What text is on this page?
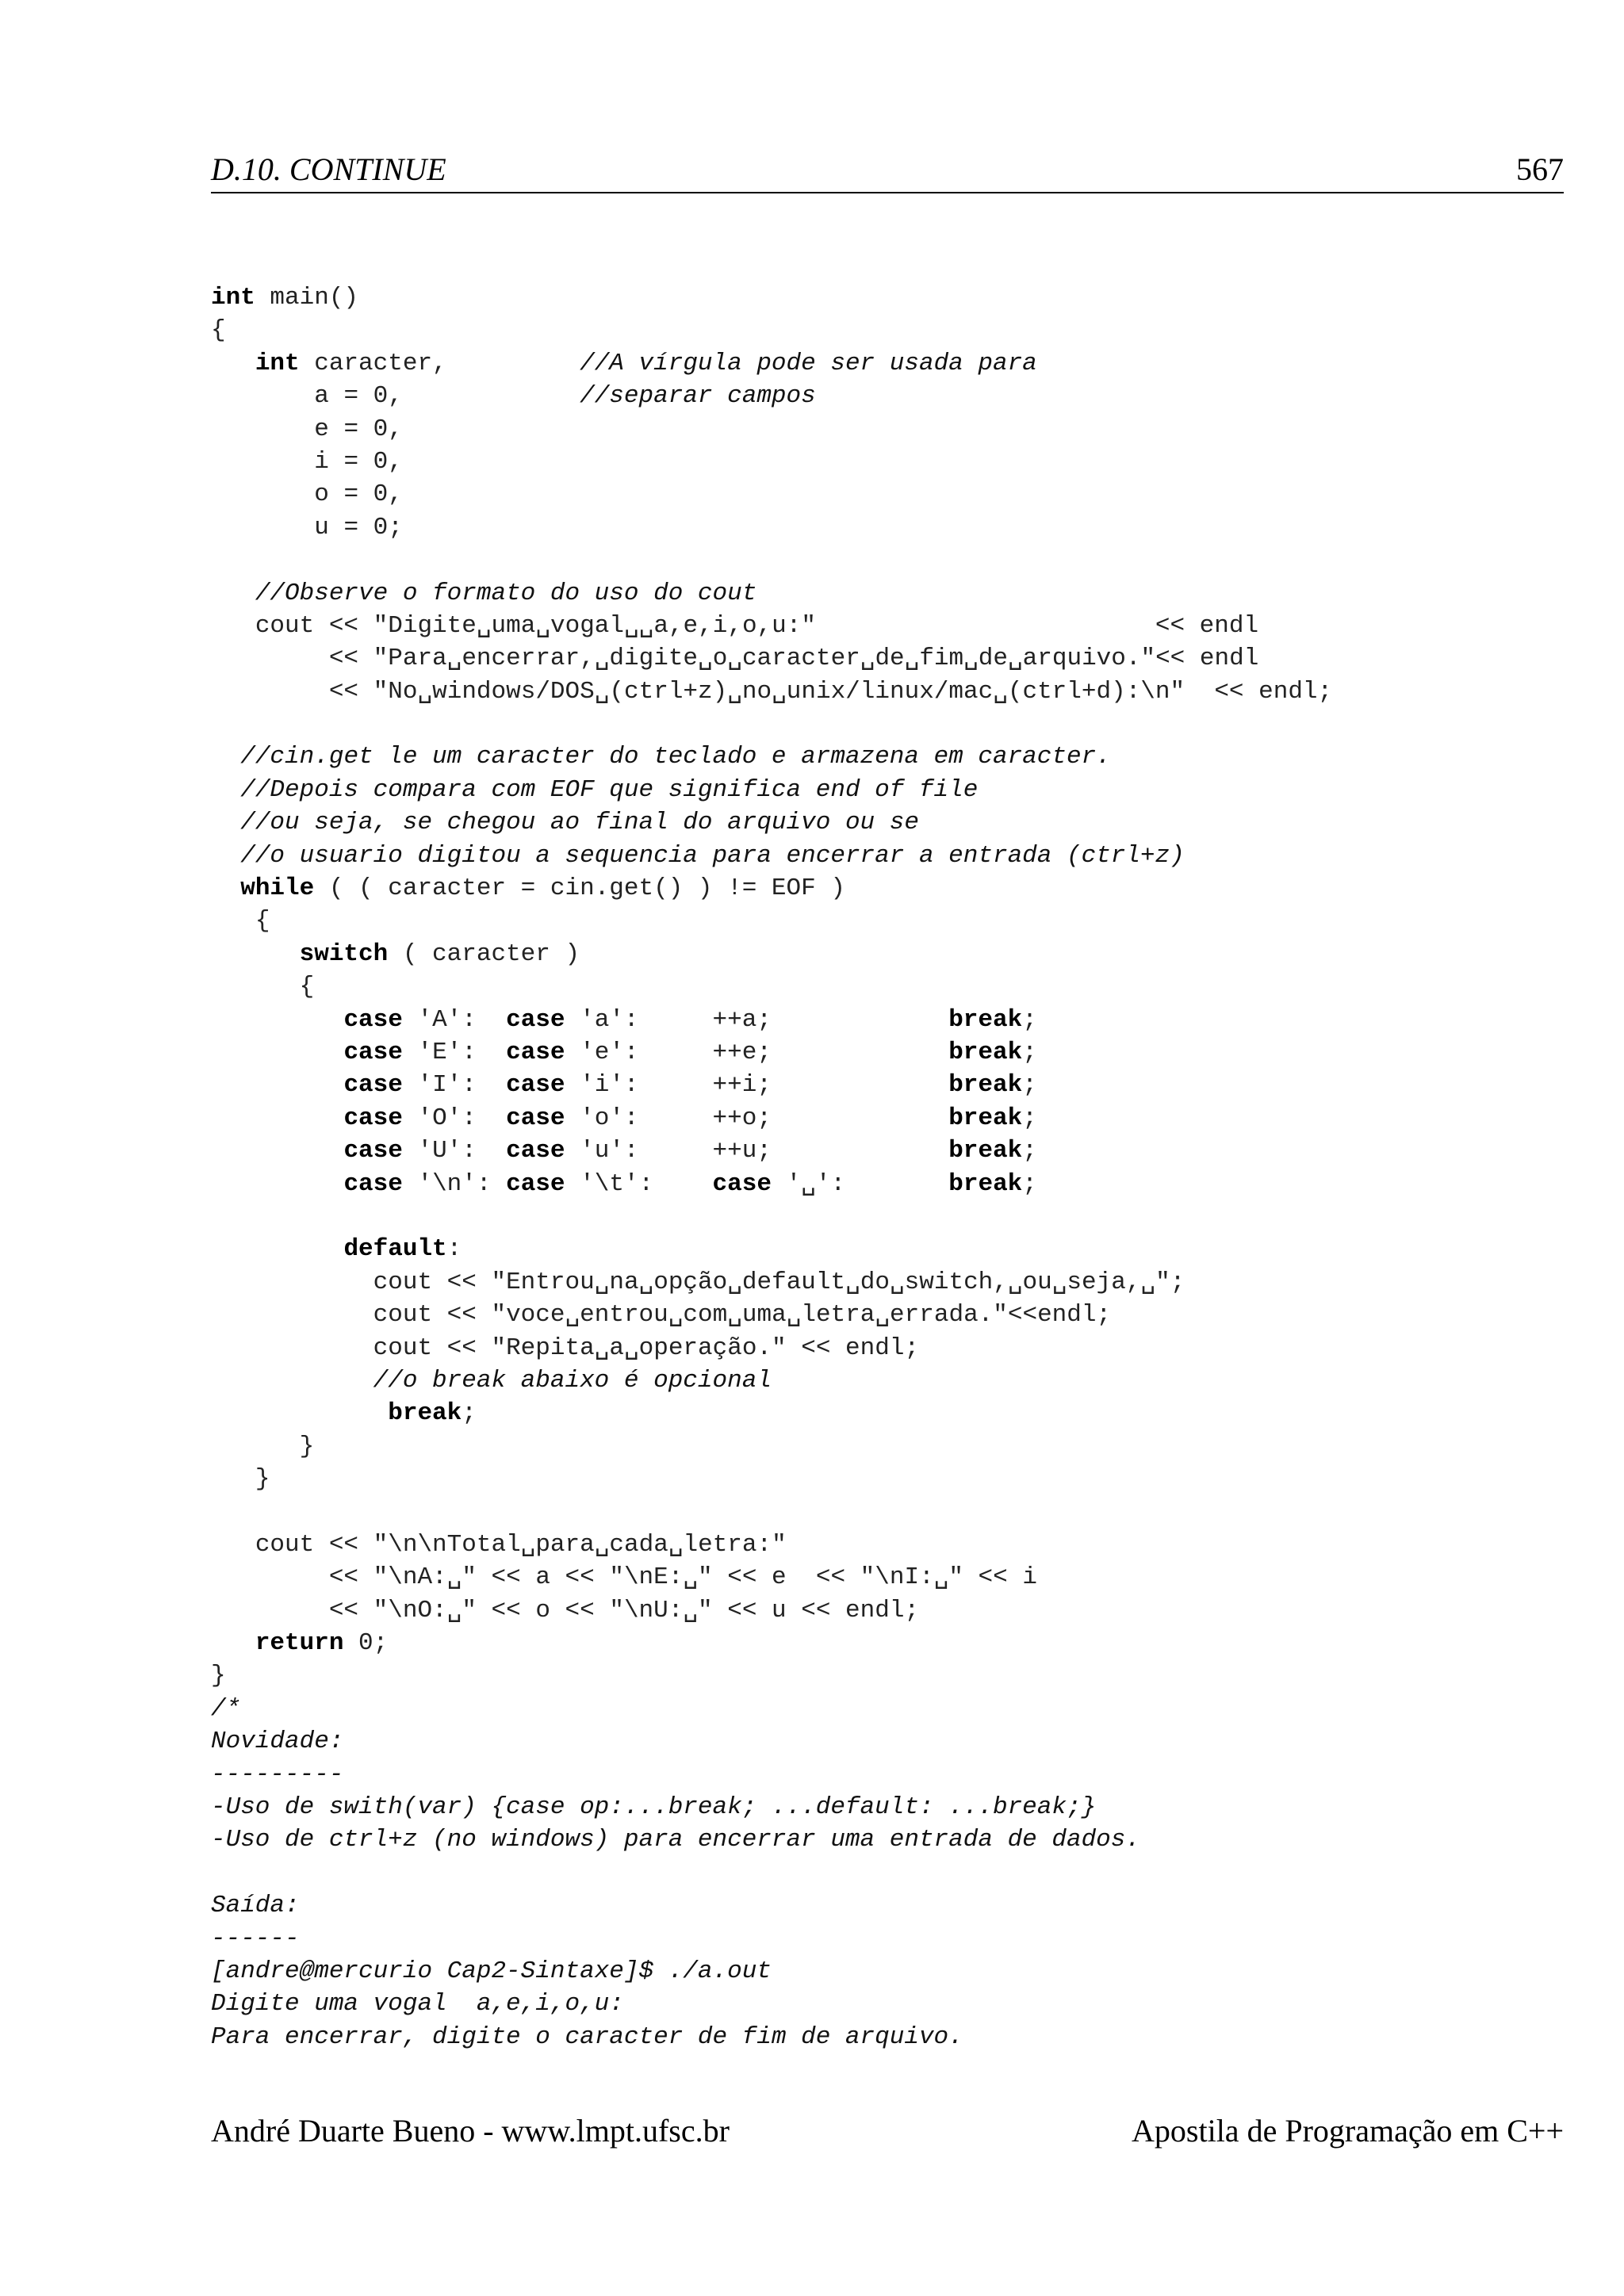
D.10. CONTINUE	567
int main()
{
int caracter,         //A vírgula pode ser usada para
a = 0,            //separar campos
e = 0,
i = 0,
o = 0,
u = 0;
//Observe o formato do uso do cout
cout << "Digite␣uma␣vogal␣␣a,e,i,o,u:"                       << endl
<< "Para␣encerrar,␣digite␣o␣caracter␣de␣fim␣de␣arquivo."<< endl
<< "No␣windows/DOS␣(ctrl+z)␣no␣unix/linux/mac␣(ctrl+d):\n"  << endl;
//cin.get le um caracter do teclado e armazena em caracter.
//Depois compara com EOF que significa end of file
//ou seja, se chegou ao final do arquivo ou se
//o usuario digitou a sequencia para encerrar a entrada (ctrl+z)
while ( ( caracter = cin.get() ) != EOF )
{
switch ( caracter )
{
case 'A':  case 'a':     ++a;            break;
case 'E':  case 'e':     ++e;            break;
case 'I':  case 'i':     ++i;            break;
case 'O':  case 'o':     ++o;            break;
case 'U':  case 'u':     ++u;            break;
case '\n': case '\t':    case '␣':       break;
default:
cout << "Entrou␣na␣opção␣default␣do␣switch,␣ou␣seja,␣";
cout << "voce␣entrou␣com␣uma␣letra␣errada."<<endl;
cout << "Repita␣a␣operação." << endl;
//o break abaixo é opcional
break;
}
}
cout << "\n\nTotal␣para␣cada␣letra:"
<< "\nA:␣" << a << "\nE:␣" << e  << "\nI:␣" << i
<< "\nO:␣" << o << "\nU:␣" << u << endl;
return 0;
}
/*
Novidade:
---------
-Uso de swith(var) {case op:...break; ...default: ...break;}
-Uso de ctrl+z (no windows) para encerrar uma entrada de dados.
Saída:
------
[andre@mercurio Cap2-Sintaxe]$ ./a.out
Digite uma vogal  a,e,i,o,u:
Para encerrar, digite o caracter de fim de arquivo.
André Duarte Bueno - www.lmpt.ufsc.br	Apostila de Programação em C++
